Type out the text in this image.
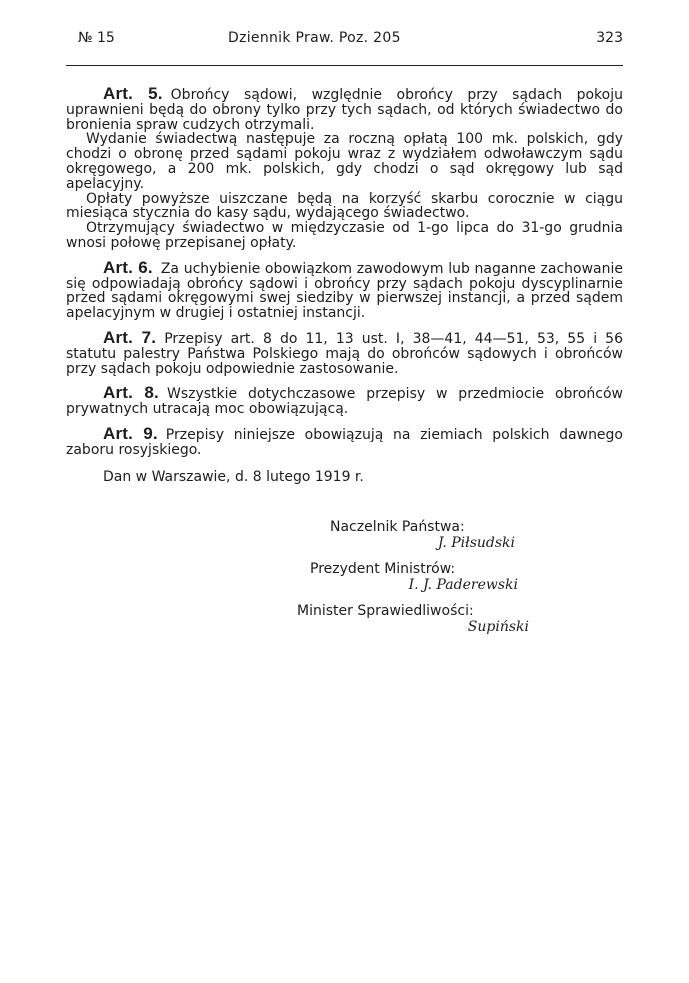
№ 15	Dziennik Praw. Poz. 205	323

Art. 5. Obrońcy sądowi, względnie obrońcy przy sądach pokoju uprawnieni będą do obrony tylko przy tych sądach, od których świadectwo do bronienia spraw cudzych otrzymali.

Wydanie świadectwą następuje za roczną opłatą 100 mk. polskich, gdy chodzi o obronę przed sądami pokoju wraz z wydziałem odwoławczym sądu okręgowego, a 200 mk. polskich, gdy chodzi o sąd okręgowy lub sąd apelacyjny.

Opłaty powyższe uiszczane będą na korzyść skarbu corocznie w ciągu miesiąca stycznia do kasy sądu, wydającego świadectwo.

Otrzymujący świadectwo w międzyczasie od 1-go lipca do 31-go grudnia wnosi połowę przepisanej opłaty.

Art. 6. Za uchybienie obowiązkom zawodowym lub naganne zachowanie się odpowiadają obrońcy sądowi i obrońcy przy sądach pokoju dyscyplinarnie przed sądami okręgowymi swej siedziby w pierwszej instancji, a przed sądem apelacyjnym w drugiej i ostatniej instancji.

Art. 7. Przepisy art. 8 do 11, 13 ust. I, 38—41, 44—51, 53, 55 i 56 statutu palestry Państwa Polskiego mają do obrońców sądowych i obrońców przy sądach pokoju odpowiednie zastosowanie.

Art. 8. Wszystkie dotychczasowe przepisy w przedmiocie obrońców prywatnych utracają moc obowiązującą.

Art. 9. Przepisy niniejsze obowiązują na ziemiach polskich dawnego zaboru rosyjskiego.

Dan w Warszawie, d. 8 lutego 1919 r.

Naczelnik Państwa:
J. Piłsudski
Prezydent Ministrów:
I. J. Paderewski
Minister Sprawiedliwości:
Supiński
